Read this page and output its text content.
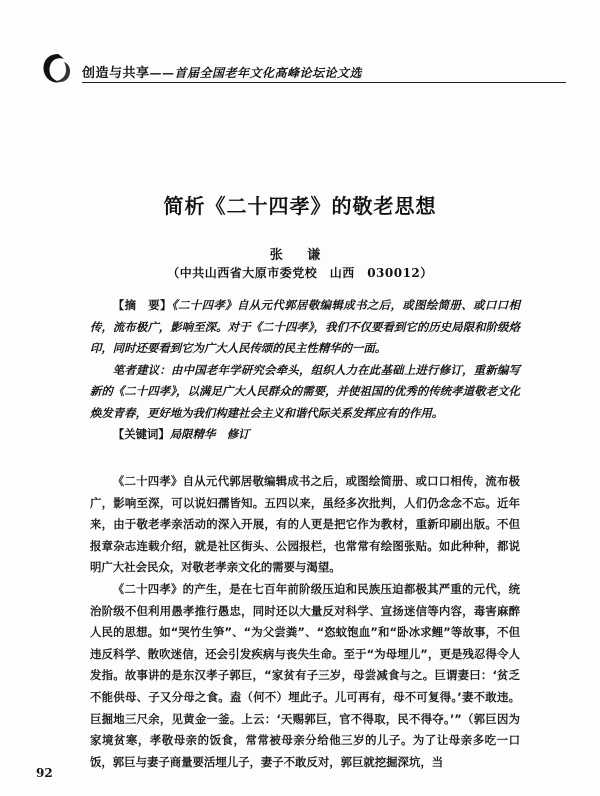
创造与共享——首届全国老年文化高峰论坛论文选
简析《二十四孝》的敬老思想
张 谦
（中共山西省大原市委党校　山西　030012）

【摘　要】《二十四孝》自从元代郭居敬编辑成书之后，或图绘简册、或口口相传，流布极广，影响至深。对于《二十四孝》，我们不仅要看到它的历史局限和阶级烙印，同时还要看到它为广大人民传颂的民主性精华的一面。

笔者建议：由中国老年学研究会牵头，组织人力在此基础上进行修订，重新编写新的《二十四孝》，以满足广大人民群众的需要，并使祖国的优秀的传统孝道敬老文化焕发青春，更好地为我们构建社会主义和谐代际关系发挥应有的作用。

【关键词】局限精华　修订

《二十四孝》自从元代郭居敬编辑成书之后，或图绘简册、或口口相传，流布极广，影响至深，可以说妇孺皆知。五四以来，虽经多次批判，人们仍念念不忘。近年来，由于敬老孝亲活动的深入开展，有的人更是把它作为教材，重新印刷出版。不但报章杂志连载介绍，就是社区街头、公园报栏，也常常有绘图张贴。如此种种，都说明广大社会民众，对敬老孝亲文化的需要与渴望。

《二十四孝》的产生，是在七百年前阶级压迫和民族压迫都极其严重的元代，统治阶级不但利用愚孝推行愚忠，同时还以大量反对科学、宣扬迷信等内容，毒害麻醉人民的思想。如“哭竹生笋”、“为父尝粪”、“恣蚊饱血”和“卧冰求鲤”等故事，不但违反科学、散吹迷信，还会引发疾病与丧失生命。至于“为母埋儿”，更是残忍得令人发指。故事讲的是东汉孝子郭巨，“家贫有子三岁，母尝减食与之。巨谓妻曰：‘贫乏不能供母、子又分母之食。盍（何不）埋此子。儿可再有，母不可复得。’妻不敢违。巨掘地三尺余，见黄金一釜。上云：‘天赐郭巨，官不得取，民不得夺。’”（郭巨因为家境贫寒，孝敬母亲的饭食，常常被母亲分给他三岁的儿子。为了让母亲多吃一口饭，郭巨与妻子商量要活埋儿子，妻子不敢反对，郭巨就挖掘深坑，当

92
